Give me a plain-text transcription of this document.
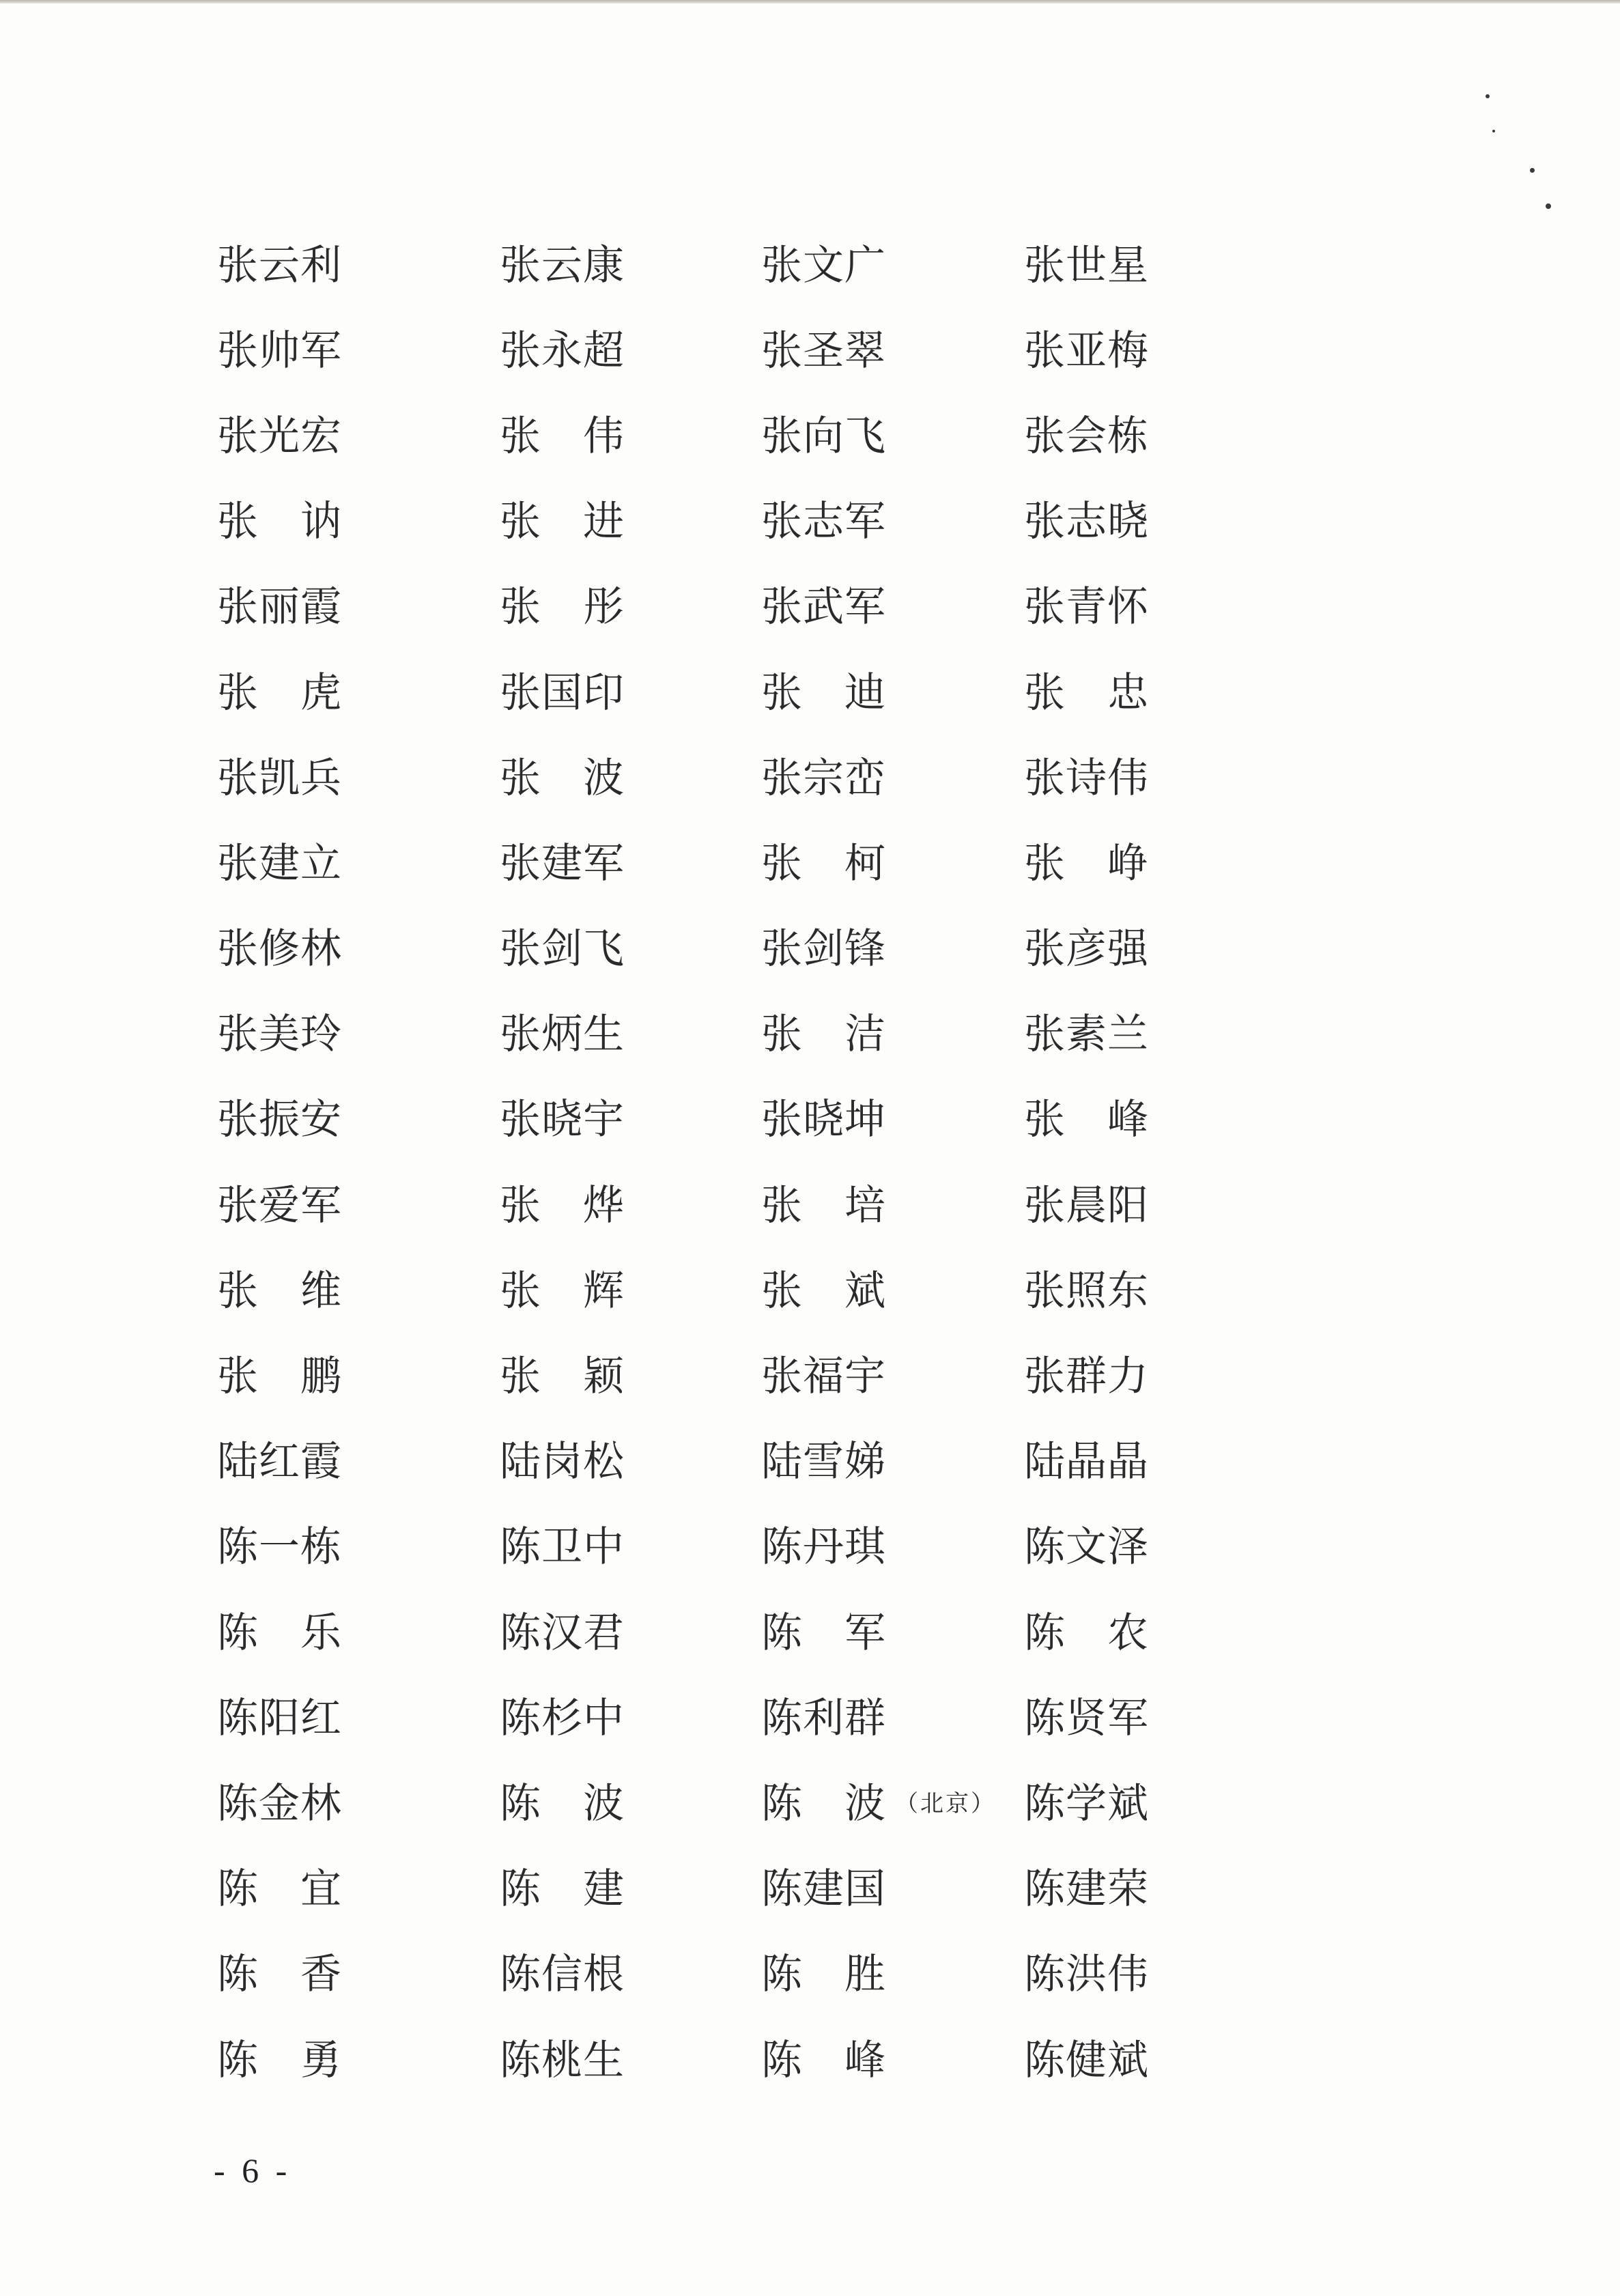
张云利	张云康	张文广	张世星
张帅军	张永超	张圣翠	张亚梅
张光宏	张 伟	张向飞	张会栋
张 讷	张 进	张志军	张志晓
张丽霞	张 彤	张武军	张青怀
张 虎	张国印	张 迪	张 忠
张凯兵	张 波	张宗峦	张诗伟
张建立	张建军	张 柯	张 峥
张修林	张剑飞	张剑锋	张彦强
张美玲	张炳生	张 洁	张素兰
张振安	张晓宇	张晓坤	张 峰
张爱军	张 烨	张 培	张晨阳
张 维	张 辉	张 斌	张照东
张 鹏	张 颖	张福宇	张群力
陆红霞	陆岗松	陆雪娣	陆晶晶
陈一栋	陈卫中	陈丹琪	陈文泽
陈 乐	陈汉君	陈 军	陈 农
陈阳红	陈杉中	陈利群	陈贤军
陈金林	陈 波	陈 波 （北京） 陈学斌
陈 宜	陈 建	陈建国	陈建荣
陈 香	陈信根	陈 胜	陈洪伟
陈 勇	陈桃生	陈 峰	陈健斌
- 6 -
